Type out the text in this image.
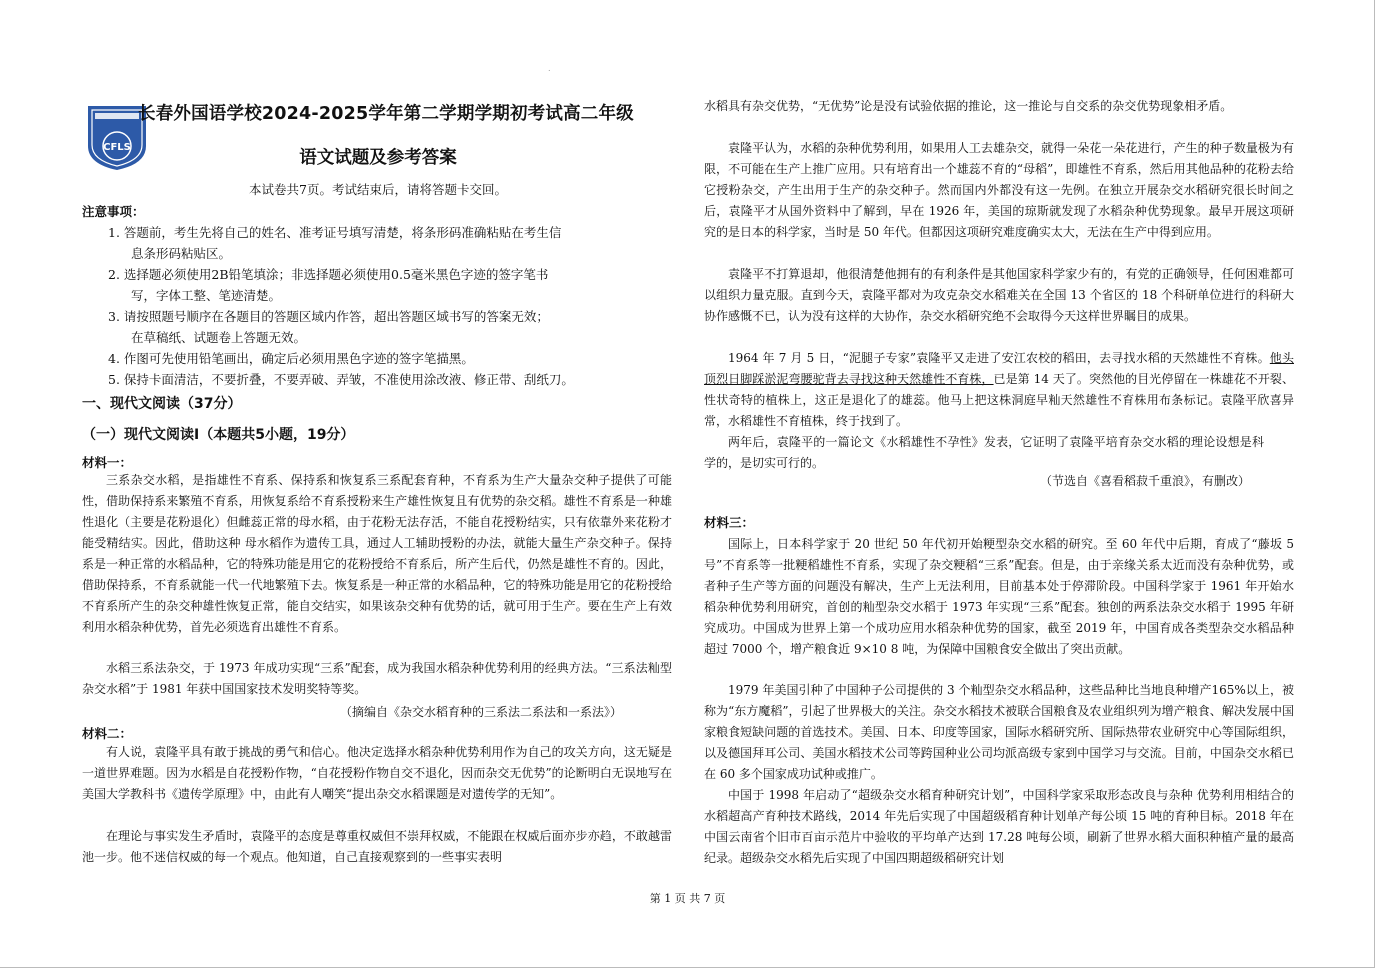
.
CFLS
长春外国语学校2024-2025学年第二学期学期初考试高二年级
语文试题及参考答案
本试卷共7页。考试结束后，请将答题卡交回。
注意事项：
1. 答题前，考生先将自己的姓名、准考证号填写清楚，将条形码准确粘贴在考生信
息条形码粘贴区。
2. 选择题必须使用2B铅笔填涂；非选择题必须使用0.5毫米黑色字迹的签字笔书
写，字体工整、笔迹清楚。
3. 请按照题号顺序在各题目的答题区域内作答，超出答题区域书写的答案无效；
在草稿纸、试题卷上答题无效。
4. 作图可先使用铅笔画出，确定后必须用黑色字迹的签字笔描黑。
5. 保持卡面清洁，不要折叠，不要弄破、弄皱，不准使用涂改液、修正带、刮纸刀。
一、现代文阅读（37分）
（一）现代文阅读Ⅰ（本题共5小题，19分）
材料一：
三系杂交水稻，是指雄性不育系、保持系和恢复系三系配套育种，不育系为生产大量杂交种子提供了可能性，借助保持系来繁殖不育系，用恢复系给不育系授粉来生产雄性恢复且有优势的杂交稻。雄性不育系是一种雄性退化（主要是花粉退化）但雌蕊正常的母水稻，由于花粉无法存活，不能自花授粉结实，只有依靠外来花粉才能受精结实。因此，借助这种 母水稻作为遗传工具，通过人工辅助授粉的办法，就能大量生产杂交种子。保持系是一种正常的水稻品种，它的特殊功能是用它的花粉授给不育系后，所产生后代，仍然是雄性不育的。因此，借助保持系，不育系就能一代一代地繁殖下去。恢复系是一种正常的水稻品种，它的特殊功能是用它的花粉授给不育系所产生的杂交种雄性恢复正常，能自交结实，如果该杂交种有优势的话，就可用于生产。要在生产上有效利用水稻杂种优势，首先必须选育出雄性不育系。
水稻三系法杂交，于 1973 年成功实现“三系”配套，成为我国水稻杂种优势利用的经典方法。“三系法籼型杂交水稻”于 1981 年获中国国家技术发明奖特等奖。
（摘编自《杂交水稻育种的三系法二系法和一系法》）
材料二：
有人说，袁隆平具有敢于挑战的勇气和信心。他决定选择水稻杂种优势利用作为自己的攻关方向，这无疑是一道世界难题。因为水稻是自花授粉作物，“自花授粉作物自交不退化，因而杂交无优势”的论断明白无误地写在美国大学教科书《遗传学原理》中，由此有人嘲笑“提出杂交水稻课题是对遗传学的无知”。
在理论与事实发生矛盾时，袁隆平的态度是尊重权威但不崇拜权威，不能跟在权威后面亦步亦趋，不敢越雷池一步。他不迷信权威的每一个观点。他知道，自己直接观察到的一些事实表明
水稻具有杂交优势，“无优势”论是没有试验依据的推论，这一推论与自交系的杂交优势现象相矛盾。
袁隆平认为，水稻的杂种优势利用，如果用人工去雄杂交，就得一朵花一朵花进行，产生的种子数量极为有限，不可能在生产上推广应用。只有培育出一个雄蕊不育的“母稻”，即雄性不育系，然后用其他品种的花粉去给它授粉杂交，产生出用于生产的杂交种子。然而国内外都没有这一先例。在独立开展杂交水稻研究很长时间之后，袁隆平才从国外资料中了解到，早在 1926 年，美国的琼斯就发现了水稻杂种优势现象。最早开展这项研究的是日本的科学家，当时是 50 年代。但都因这项研究难度确实太大，无法在生产中得到应用。
袁隆平不打算退却，他很清楚他拥有的有利条件是其他国家科学家少有的，有党的正确领导，任何困难都可以组织力量克服。直到今天，袁隆平都对为攻克杂交水稻难关在全国 13 个省区的 18 个科研单位进行的科研大协作感慨不已，认为没有这样的大协作，杂交水稻研究绝不会取得今天这样世界瞩目的成果。
1964 年 7 月 5 日，“泥腿子专家”袁隆平又走进了安江农校的稻田，去寻找水稻的天然雄性不育株。他头顶烈日脚踩淤泥弯腰驼背去寻找这种天然雄性不育株，已是第 14 天了。突然他的目光停留在一株雄花不开裂、性状奇特的植株上，这正是退化了的雄蕊。他马上把这株洞庭早籼天然雄性不育株用布条标记。袁隆平欣喜异常，水稻雄性不育植株，终于找到了。
两年后，袁隆平的一篇论文《水稻雄性不孕性》发表，它证明了袁隆平培育杂交水稻的理论设想是科学的，是切实可行的。
（节选自《喜看稻菽千重浪》，有删改）
材料三：
国际上，日本科学家于 20 世纪 50 年代初开始粳型杂交水稻的研究。至 60 年代中后期，育成了“藤坂 5 号”不育系等一批粳稻雄性不育系，实现了杂交粳稻“三系”配套。但是，由于亲缘关系太近而没有杂种优势，或者种子生产等方面的问题没有解决，生产上无法利用，目前基本处于停滞阶段。中国科学家于 1961 年开始水稻杂种优势利用研究，首创的籼型杂交水稻于 1973 年实现“三系”配套。独创的两系法杂交水稻于 1995 年研究成功。中国成为世界上第一个成功应用水稻杂种优势的国家，截至 2019 年，中国育成各类型杂交水稻品种超过 7000 个，增产粮食近 9×10 8 吨，为保障中国粮食安全做出了突出贡献。
1979 年美国引种了中国种子公司提供的 3 个籼型杂交水稻品种，这些品种比当地良种增产165%以上，被称为“东方魔稻”，引起了世界极大的关注。杂交水稻技术被联合国粮食及农业组织列为增产粮食、解决发展中国家粮食短缺问题的首选技术。美国、日本、印度等国家，国际水稻研究所、国际热带农业研究中心等国际组织，以及德国拜耳公司、美国水稻技术公司等跨国种业公司均派高级专家到中国学习与交流。目前，中国杂交水稻已在 60 多个国家成功试种或推广。
中国于 1998 年启动了“超级杂交水稻育种研究计划”，中国科学家采取形态改良与杂种 优势利用相结合的水稻超高产育种技术路线，2014 年先后实现了中国超级稻育种计划单产每公顷 15 吨的育种目标。2018 年在中国云南省个旧市百亩示范片中验收的平均单产达到 17.28 吨每公顷，刷新了世界水稻大面积种植产量的最高纪录。超级杂交水稻先后实现了中国四期超级稻研究计划
第 1 页 共 7 页
